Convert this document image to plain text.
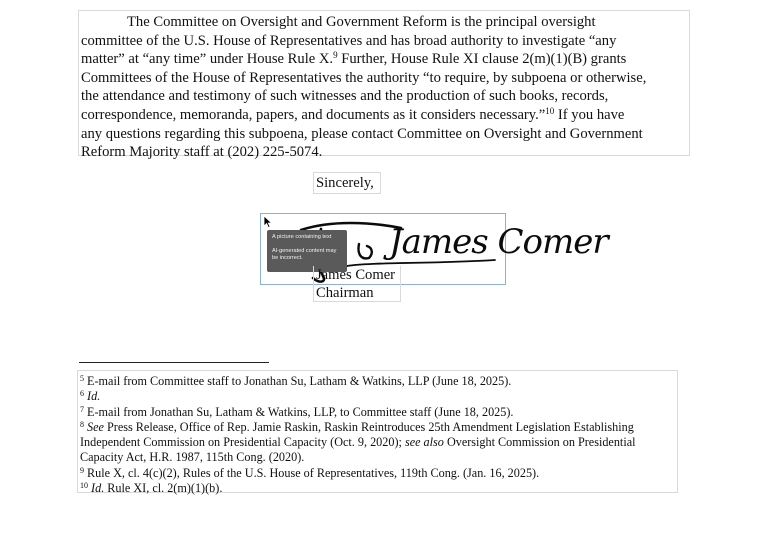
The Committee on Oversight and Government Reform is the principal oversight
committee of the U.S. House of Representatives and has broad authority to investigate “any
matter” at “any time” under House Rule X.$^9$ Further, House Rule XI clause 2(m)(1)(B) grants
Committees of the House of Representatives the authority “to require, by subpoena or otherwise,
the attendance and testimony of such witnesses and the production of such books, records,
correspondence, memoranda, papers, and documents as it considers necessary.”$^{10}$ If you have
any questions regarding this subpoena, please contact Committee on Oversight and Government
Reform Majority staff at (202) 225-5074.
Sincerely,
James Comer
A picture containing text
AI-generated content may be incorrect.
James Comer
Chairman
$^5$ E-mail from Committee staff to Jonathan Su, Latham & Watkins, LLP (June 18, 2025).
$^6$ Id.
$^7$ E-mail from Jonathan Su, Latham & Watkins, LLP, to Committee staff (June 18, 2025).
$^8$ See Press Release, Office of Rep. Jamie Raskin, Raskin Reintroduces 25th Amendment Legislation Establishing
Independent Commission on Presidential Capacity (Oct. 9, 2020); see also Oversight Commission on Presidential
Capacity Act, H.R. 1987, 115th Cong. (2020).
$^9$ Rule X, cl. 4(c)(2), Rules of the U.S. House of Representatives, 119th Cong. (Jan. 16, 2025).
$^{10}$ Id. Rule XI, cl. 2(m)(1)(b).
